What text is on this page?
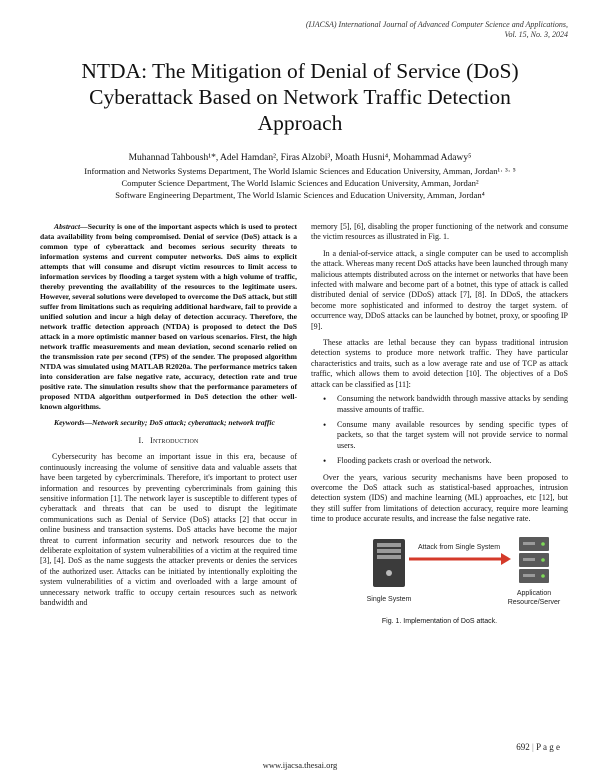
(IJACSA) International Journal of Advanced Computer Science and Applications,
Vol. 15, No. 3, 2024
NTDA: The Mitigation of Denial of Service (DoS)
Cyberattack Based on Network Traffic Detection
Approach
Muhannad Tahboush¹*, Adel Hamdan², Firas Alzobi³, Moath Husni⁴, Mohammad Adawy⁵
Information and Networks Systems Department, The World Islamic Sciences and Education University, Amman, Jordan¹· ³· ⁵
Computer Science Department, The World Islamic Sciences and Education University, Amman, Jordan²
Software Engineering Department, The World Islamic Sciences and Education University, Amman, Jordan⁴

Abstract—Security is one of the important aspects which is used to protect data availability from being compromised. Denial of service (DoS) attack is a common type of cyberattack and becomes serious security threats to information systems and current computer networks. DoS aims to explicit attempts that will consume and disrupt victim resources to limit access to information services by flooding a target system with a high volume of traffic, thereby preventing the availability of the resources to the legitimate users. However, several solutions were developed to overcome the DoS attack, but still suffer from limitations such as requiring additional hardware, fail to provide a unified solution and incur a high delay of detection accuracy. Therefore, the network traffic detection approach (NTDA) is proposed to detect the DoS attack in a more optimistic manner based on various scenarios. First, the high network traffic measurements and mean deviation, second scenario relied on the transmission rate per second (TPS) of the sender. The proposed algorithm NTDA was simulated using MATLAB R2020a. The performance metrics taken into consideration are false negative rate, accuracy, detection rate and true positive rate. The simulation results show that the performance parameters of proposed NTDA algorithm outperformed in DoS detection the other well-known algorithms.

Keywords—Network security; DoS attack; cyberattack; network traffic

I. Introduction

Cybersecurity has become an important issue in this era, because of continuously increasing the volume of sensitive data and valuable assets that have been targeted by cybercriminals. Therefore, it's important to protect user information and resources by preventing cybercriminals from gaining this sensitive information [1]. The network layer is susceptible to different types of cyberattack and threats that can be used to disrupt the legitimate communications such as Denial of Service (DoS) attacks [2] that occur in online business and transaction systems. DoS attacks have become the major threat to current information security and network resources due to the deliberate exploitation of system vulnerabilities of a victim at the required time [3], [4]. DoS as the name suggests the attacker prevents or denies the services of the authorized user. Attacks can be initiated by intentionally exploiting the system vulnerabilities of a victim and overloaded with a large amount of unnecessary network traffic to occupy certain resources such as network bandwidth and

memory [5], [6], disabling the proper functioning of the network and consume the victim resources as illustrated in Fig. 1.

In a denial-of-service attack, a single computer can be used to accomplish the attack. Whereas many recent DoS attacks have been launched through many malicious attempts distributed across on the internet or networks that have been infected with malware and become part of a botnet, this type of attack is called distributed denial of service (DDoS) attack [7], [8]. In DDoS, the attackers become more sophisticated and informed to destroy the target system. of occurrence way, DDoS attacks can be launched by botnet, proxy, or spoofing IP [9].

These attacks are lethal because they can bypass traditional intrusion detection systems to produce more network traffic. They have particular characteristics and traits, such as a low average rate and use of TCP as attack traffic, which allows them to avoid detection [10]. The objectives of a DoS attack can be classified as [11]:

• Consuming the network bandwidth through massive attacks by sending massive amounts of traffic.
• Consume many available resources by sending specific types of packets, so that the target system will not provide service to normal users.
• Flooding packets crash or overload the network.

Over the years, various security mechanisms have been proposed to overcome the DoS attack such as statistical-based approaches, intrusion detection system (IDS) and machine learning (ML) approaches, etc [12], but they still suffer from limitations of detection accuracy, require more learning time to produce accurate results, and increase the false negative rate.

Attack from Single System
Single System
Application
Resource/Server
Fig. 1. Implementation of DoS attack.
692 | P a g e
www.ijacsa.thesai.org
